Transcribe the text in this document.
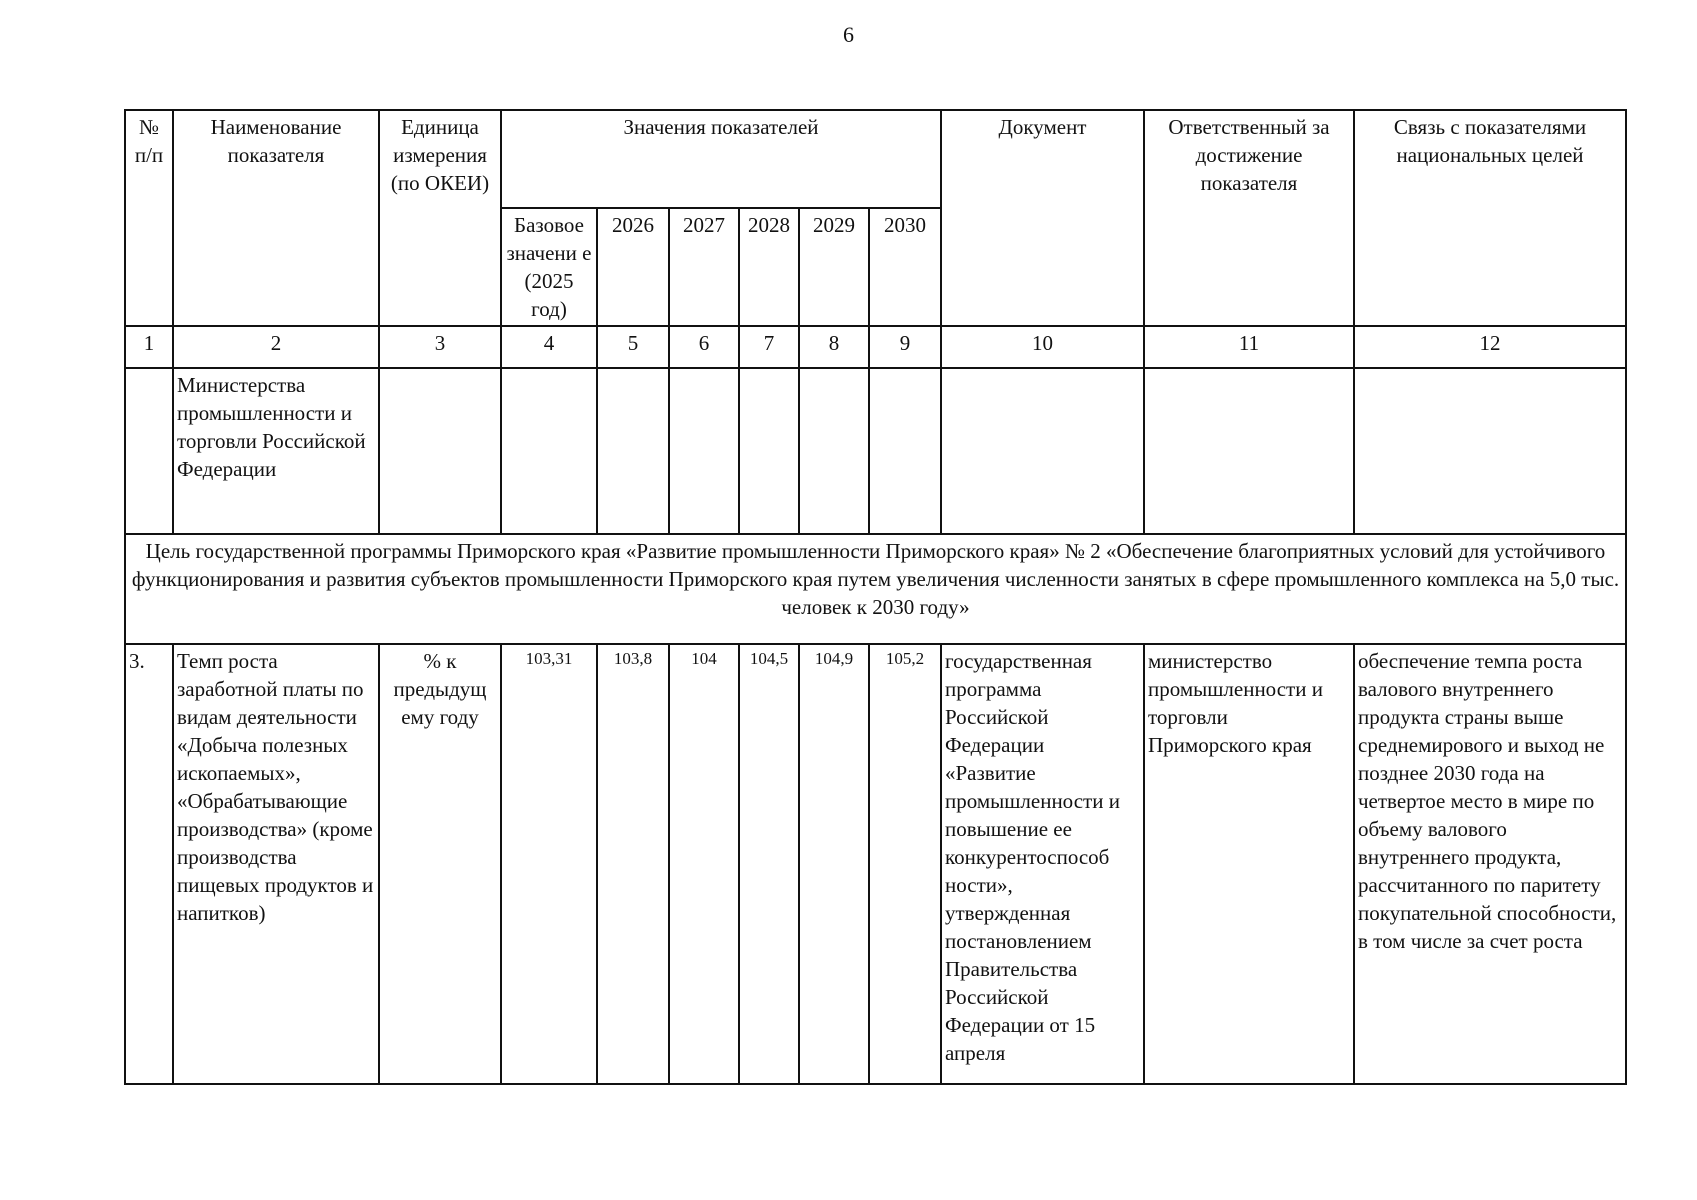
6
№ п/п	Наименование показателя	Единица измерения (по ОКЕИ)	Значения показателей						Документ	Ответственный за достижение показателя	Связь с показателями национальных целей
			Базовое значени е (2025 год)	2026	2027	2028	2029	2030			
1	2	3	4	5	6	7	8	9	10	11	12
	Министерства промышленности и торговли Российской Федерации										
Цель государственной программы Приморского края «Развитие промышленности Приморского края» № 2 «Обеспечение благоприятных условий для устойчивого функционирования и развития субъектов промышленности Приморского края путем увеличения численности занятых в сфере промышленного комплекса на 5,0 тыс. человек к 2030 году»											
3.	Темп роста заработной платы по видам деятельности «Добыча полезных ископаемых», «Обрабатывающие производства» (кроме производства пищевых продуктов и напитков)	% к предыдущ ему году	103,31	103,8	104	104,5	104,9	105,2	государственная программа Российской Федерации «Развитие промышленности и повышение ее конкурентоспособ ности», утвержденная постановлением Правительства Российской Федерации от 15 апреля	министерство промышленности и торговли Приморского края	обеспечение темпа роста валового внутреннего продукта страны выше среднемирового и выход не позднее 2030 года на четвертое место в мире по объему валового внутреннего продукта, рассчитанного по паритету покупательной способности, в том числе за счет роста
